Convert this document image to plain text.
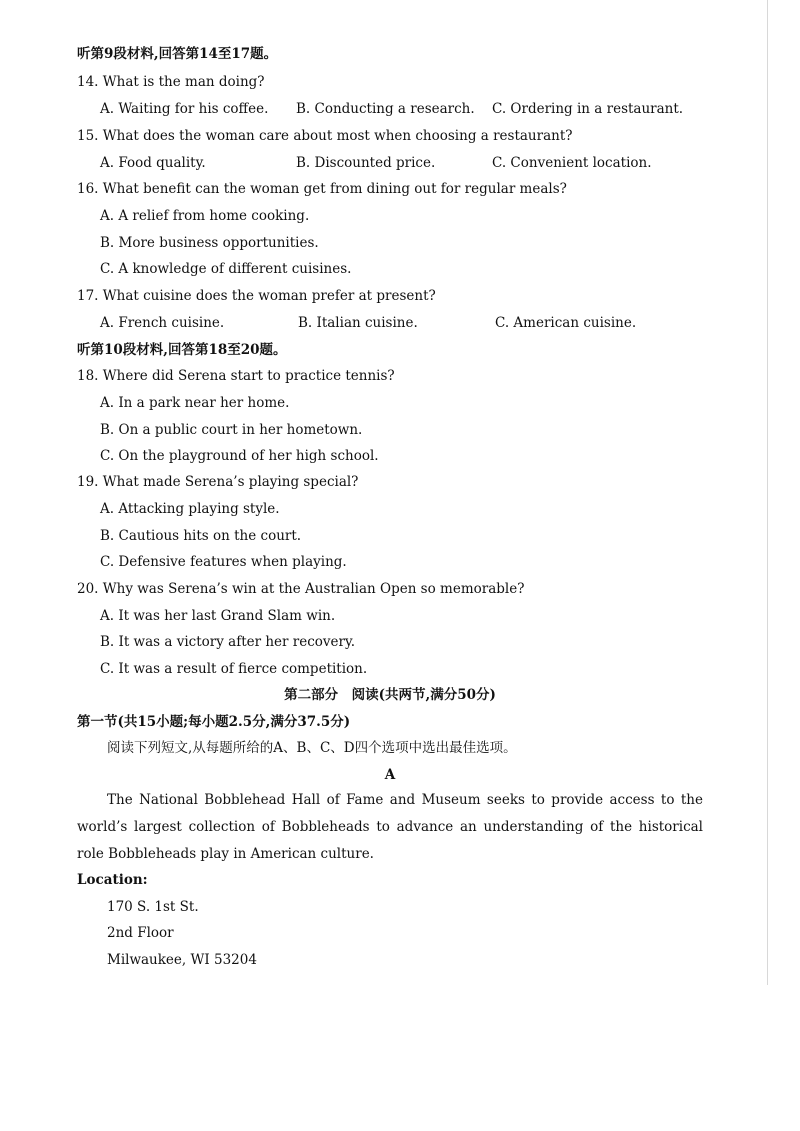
听第9段材料,回答第14至17题。
14. What is the man doing?
A. Waiting for his coffee.	B. Conducting a research.	C. Ordering in a restaurant.
15. What does the woman care about most when choosing a restaurant?
A. Food quality.	B. Discounted price.	C. Convenient location.
16. What benefit can the woman get from dining out for regular meals?
A. A relief from home cooking.
B. More business opportunities.
C. A knowledge of different cuisines.
17. What cuisine does the woman prefer at present?
A. French cuisine.	B. Italian cuisine.	C. American cuisine.
听第10段材料,回答第18至20题。
18. Where did Serena start to practice tennis?
A. In a park near her home.
B. On a public court in her hometown.
C. On the playground of her high school.
19. What made Serena’s playing special?
A. Attacking playing style.
B. Cautious hits on the court.
C. Defensive features when playing.
20. Why was Serena’s win at the Australian Open so memorable?
A. It was her last Grand Slam win.
B. It was a victory after her recovery.
C. It was a result of fierce competition.
第二部分　阅读(共两节,满分50分)
第一节(共15小题;每小题2.5分,满分37.5分)
阅读下列短文,从每题所给的A、B、C、D四个选项中选出最佳选项。
A
The National Bobblehead Hall of Fame and Museum seeks to provide access to the world’s largest collection of Bobbleheads to advance an understanding of the historical role Bobbleheads play in American culture.
Location:
170 S. 1st St.
2nd Floor
Milwaukee, WI 53204
